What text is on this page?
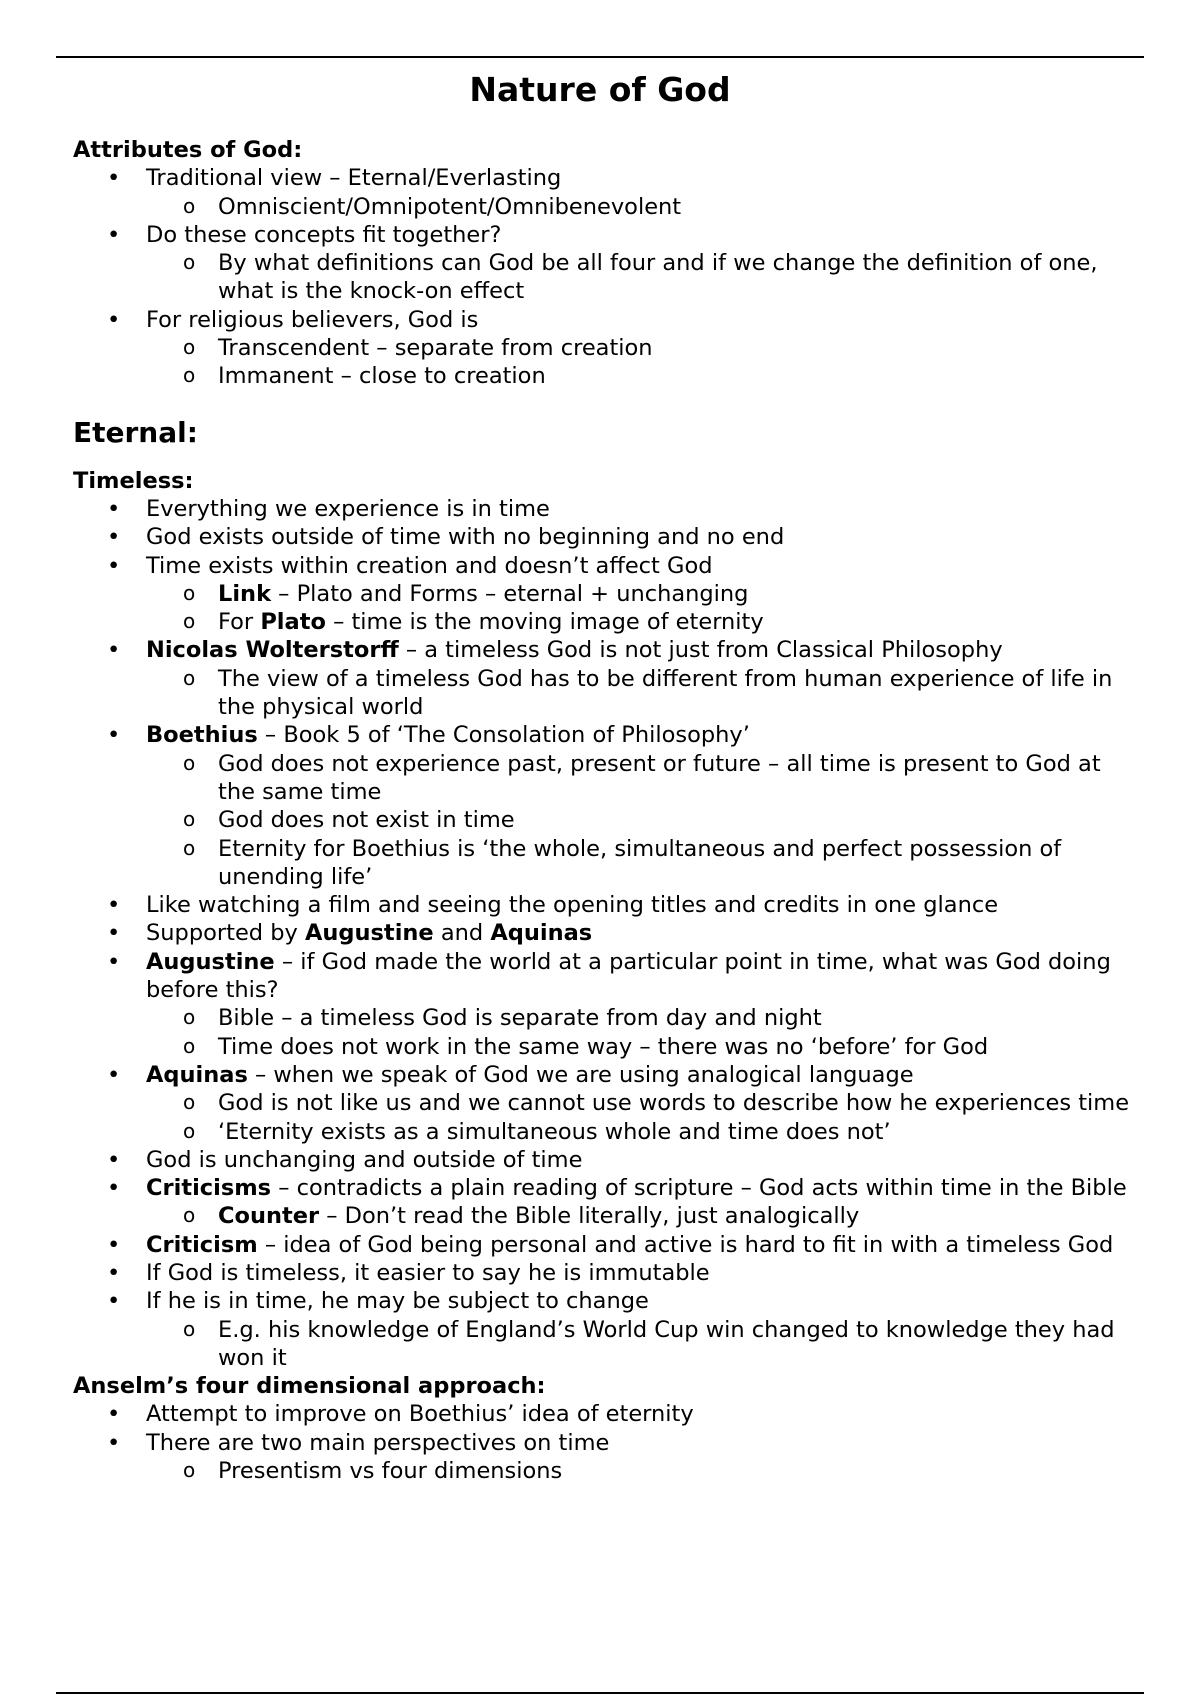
Nature of God
Attributes of God:
• Traditional view – Eternal/Everlasting
o Omniscient/Omnipotent/Omnibenevolent
• Do these concepts fit together?
o By what definitions can God be all four and if we change the definition of one, what is the knock-on effect
• For religious believers, God is
o Transcendent – separate from creation
o Immanent – close to creation
Eternal:
Timeless:
• Everything we experience is in time
• God exists outside of time with no beginning and no end
• Time exists within creation and doesn’t affect God
o Link – Plato and Forms – eternal + unchanging
o For Plato – time is the moving image of eternity
• Nicolas Wolterstorff – a timeless God is not just from Classical Philosophy
o The view of a timeless God has to be different from human experience of life in the physical world
• Boethius – Book 5 of ‘The Consolation of Philosophy’
o God does not experience past, present or future – all time is present to God at the same time
o God does not exist in time
o Eternity for Boethius is ‘the whole, simultaneous and perfect possession of unending life’
• Like watching a film and seeing the opening titles and credits in one glance
• Supported by Augustine and Aquinas
• Augustine – if God made the world at a particular point in time, what was God doing before this?
o Bible – a timeless God is separate from day and night
o Time does not work in the same way – there was no ‘before’ for God
• Aquinas – when we speak of God we are using analogical language
o God is not like us and we cannot use words to describe how he experiences time
o ‘Eternity exists as a simultaneous whole and time does not’
• God is unchanging and outside of time
• Criticisms – contradicts a plain reading of scripture – God acts within time in the Bible
o Counter – Don’t read the Bible literally, just analogically
• Criticism – idea of God being personal and active is hard to fit in with a timeless God
• If God is timeless, it easier to say he is immutable
• If he is in time, he may be subject to change
o E.g. his knowledge of England’s World Cup win changed to knowledge they had won it
Anselm’s four dimensional approach:
• Attempt to improve on Boethius’ idea of eternity
• There are two main perspectives on time
o Presentism vs four dimensions
